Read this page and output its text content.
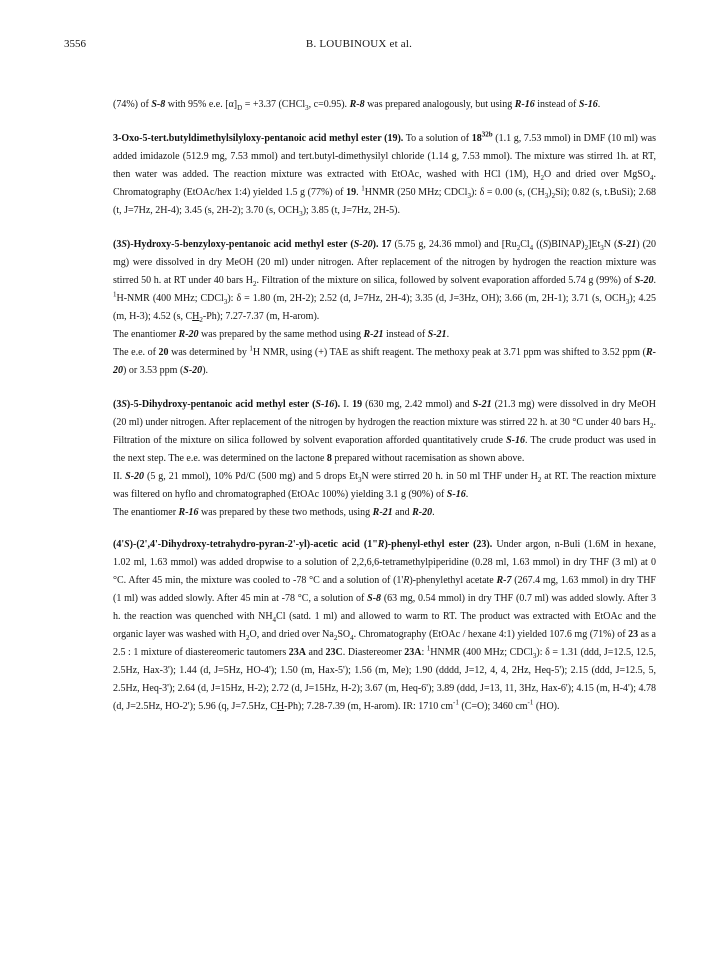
3556	B. LOUBINOUX et al.

(74%) of S-8 with 95% e.e. $[\alpha]_D = +3.37$ (CHCl$_3$, c=0.95). R-8 was prepared analogously, but using R-16 instead of S-16.

3-Oxo-5-tert.butyldimethylsilyloxy-pentanoic acid methyl ester (19). To a solution of $18^{32b}$ (1.1 g, 7.53 mmol) in DMF (10 ml) was added imidazole (512.9 mg, 7.53 mmol) and tert.butyl-dimethysilyl chloride (1.14 g, 7.53 mmol). The mixture was stirred 1h. at RT, then water was added. The reaction mixture was extracted with EtOAc, washed with HCl (1M), $H_2O$ and dried over MgSO$_4$. Chromatography (EtOAc/hex 1:4) yielded 1.5 g (77%) of 19. $^1$HNMR (250 MHz; CDCl$_3$): δ = 0.00 (s, $(CH_3)_2Si$); 0.82 (s, t.BuSi); 2.68 (t, J=7Hz, 2H-4); 3.45 (s, 2H-2); 3.70 (s, $OCH_3$); 3.85 (t, J=7Hz, 2H-5).

(3S)-Hydroxy-5-benzyloxy-pentanoic acid methyl ester (S-20). 17 (5.75 g, 24.36 mmol) and [$Ru_2Cl_4$ $((S)BINAP)_2]Et_3N$ (S-21) (20 mg) were dissolved in dry MeOH (20 ml) under nitrogen. After replacement of the nitrogen by hydrogen the reaction mixture was stirred 50 h. at RT under 40 bars $H_2$. Filtration of the mixture on silica, followed by solvent evaporation afforded 5.74 g (99%) of S-20. $^1$H-NMR (400 MHz; CDCl$_3$): δ = 1.80 (m, 2H-2); 2.52 (d, J=7Hz, 2H-4); 3.35 (d, J=3Hz, OH); 3.66 (m, 2H-1); 3.71 (s, $OCH_3$); 4.25 (m, H-3); 4.52 (s, $CH_2-Ph$); 7.27-7.37 (m, H-arom).

The enantiomer R-20 was prepared by the same method using R-21 instead of S-21.

The e.e. of 20 was determined by $^1$H NMR, using (+) TAE as shift reagent. The methoxy peak at 3.71 ppm was shifted to 3.52 ppm (R-20) or 3.53 ppm (S-20).

(3S)-5-Dihydroxy-pentanoic acid methyl ester (S-16). I. 19 (630 mg, 2.42 mmol) and S-21 (21.3 mg) were dissolved in dry MeOH (20 ml) under nitrogen. After replacement of the nitrogen by hydrogen the reaction mixture was stirred 22 h. at 30 °C under 40 bars $H_2$. Filtration of the mixture on silica followed by solvent evaporation afforded quantitatively crude S-16. The crude product was used in the next step. The e.e. was determined on the lactone 8 prepared without racemisation as shown above.

II. S-20 (5 g, 21 mmol), 10% Pd/C (500 mg) and 5 drops $Et_3N$ were stirred 20 h. in 50 ml THF under $H_2$ at RT. The reaction mixture was filtered on hyflo and chromatographed (EtOAc 100%) yielding 3.1 g (90%) of S-16.

The enantiomer R-16 was prepared by these two methods, using R-21 and R-20.

(4'S)-(2',4'-Dihydroxy-tetrahydro-pyran-2'-yl)-acetic acid (1"R)-phenyl-ethyl ester (23). Under argon, n-Buli (1.6M in hexane, 1.02 ml, 1.63 mmol) was added dropwise to a solution of 2,2,6,6-tetramethylpiperidine (0.28 ml, 1.63 mmol) in dry THF (3 ml) at 0 °C. After 45 min, the mixture was cooled to -78 °C and a solution of (1'R)-phenylethyl acetate R-7 (267.4 mg, 1.63 mmol) in dry THF (1 ml) was added slowly. After 45 min at -78 °C, a solution of S-8 (63 mg, 0.54 mmol) in dry THF (0.7 ml) was added slowly. After 3 h. the reaction was quenched with $NH_4Cl$ (satd. 1 ml) and allowed to warm to RT. The product was extracted with EtOAc and the organic layer was washed with $H_2O$, and dried over $Na_2SO_4$. Chromatography (EtOAc / hexane 4:1) yielded 107.6 mg (71%) of 23 as a 2.5 : 1 mixture of diastereomeric tautomers 23A and 23C. Diastereomer 23A: $^1$HNMR (400 MHz; CDCl$_3$): δ = 1.31 (ddd, J=12.5, 12.5, 2.5Hz, Hax-3'); 1.44 (d, J=5Hz, HO-4'); 1.50 (m, Hax-5'); 1.56 (m, Me); 1.90 (dddd, J=12, 4, 4, 2Hz, Heq-5'); 2.15 (ddd, J=12.5, 5, 2.5Hz, Heq-3'); 2.64 (d, J=15Hz, H-2); 2.72 (d, J=15Hz, H-2); 3.67 (m, Heq-6'); 3.89 (ddd, J=13, 11, 3Hz, Hax-6'); 4.15 (m, H-4'); 4.78 (d, J=2.5Hz, HO-2'); 5.96 (q, J=7.5Hz, CH-Ph); 7.28-7.39 (m, H-arom). IR: 1710 $cm^{-1}$ (C=O); 3460 $cm^{-1}$ (HO).
